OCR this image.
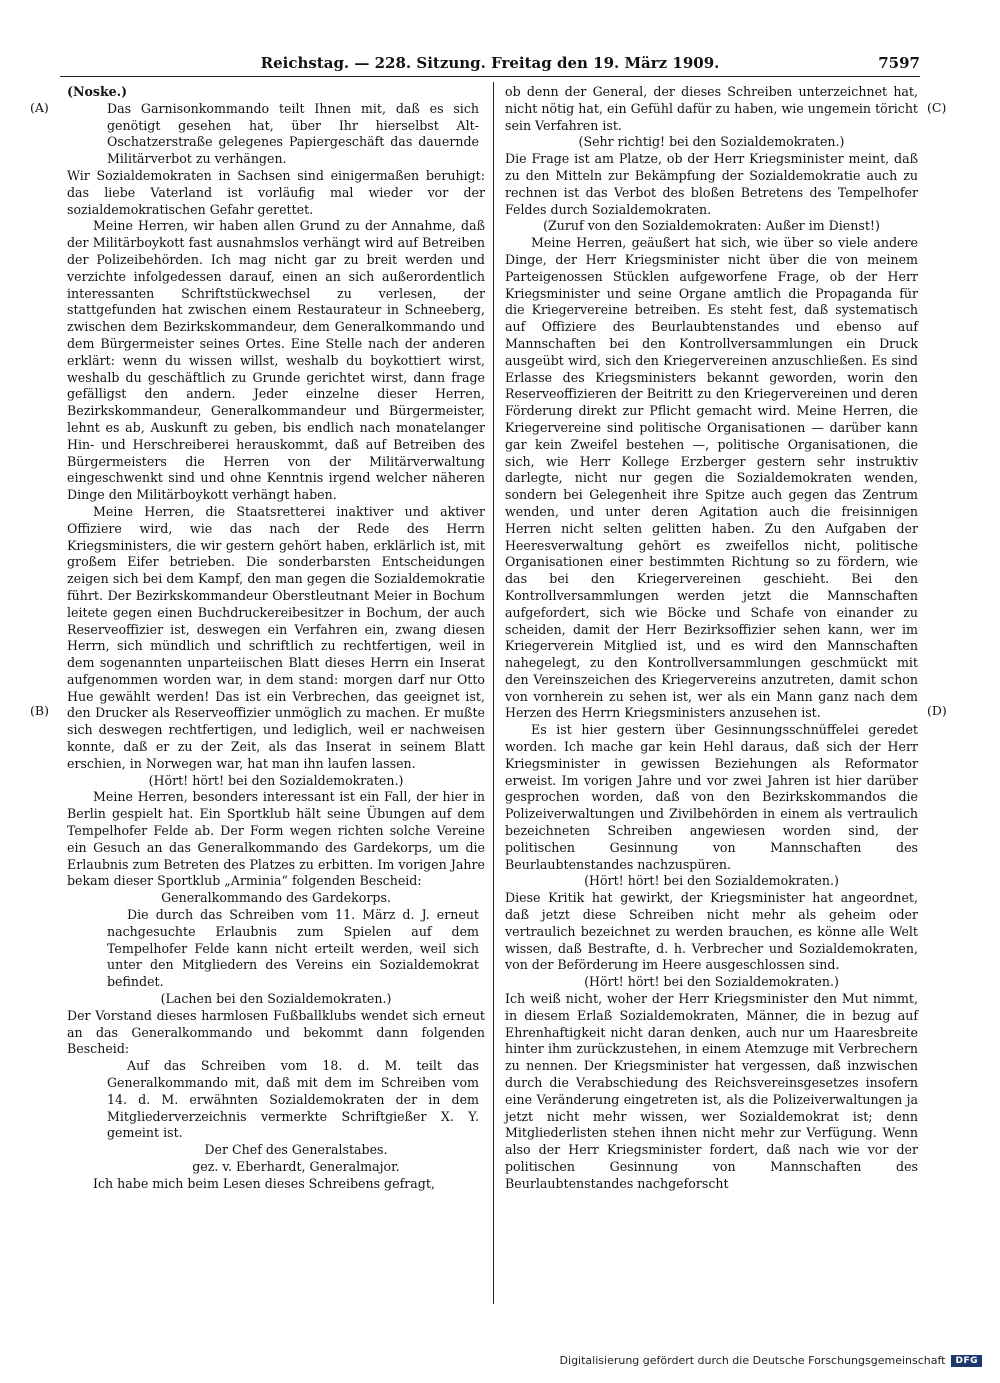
Reichstag. — 228. Sitzung. Freitag den 19. März 1909.	7597
(A)
(B)
(C)
(D)

(Noske.)

Das Garnisonkommando teilt Ihnen mit, daß es sich genötigt gesehen hat, über Ihr hierselbst Alt-Oschatzerstraße gelegenes Papiergeschäft das dauernde Militärverbot zu verhängen.

Wir Sozialdemokraten in Sachsen sind einigermaßen beruhigt: das liebe Vaterland ist vorläufig mal wieder vor der sozialdemokratischen Gefahr gerettet.

Meine Herren, wir haben allen Grund zu der Annahme, daß der Militärboykott fast ausnahmslos verhängt wird auf Betreiben der Polizeibehörden. Ich mag nicht gar zu breit werden und verzichte infolgedessen darauf, einen an sich außerordentlich interessanten Schriftstückwechsel zu verlesen, der stattgefunden hat zwischen einem Restaurateur in Schneeberg, zwischen dem Bezirkskommandeur, dem Generalkommando und dem Bürgermeister seines Ortes. Eine Stelle nach der anderen erklärt: wenn du wissen willst, weshalb du boykottiert wirst, weshalb du geschäftlich zu Grunde gerichtet wirst, dann frage gefälligst den andern. Jeder einzelne dieser Herren, Bezirkskommandeur, Generalkommandeur und Bürgermeister, lehnt es ab, Auskunft zu geben, bis endlich nach monatelanger Hin- und Herschreiberei herauskommt, daß auf Betreiben des Bürgermeisters die Herren von der Militärverwaltung eingeschwenkt sind und ohne Kenntnis irgend welcher näheren Dinge den Militärboykott verhängt haben.

Meine Herren, die Staatsretterei inaktiver und aktiver Offiziere wird, wie das nach der Rede des Herrn Kriegsministers, die wir gestern gehört haben, erklärlich ist, mit großem Eifer betrieben. Die sonderbarsten Entscheidungen zeigen sich bei dem Kampf, den man gegen die Sozialdemokratie führt. Der Bezirkskommandeur Oberstleutnant Meier in Bochum leitete gegen einen Buchdruckereibesitzer in Bochum, der auch Reserveoffizier ist, deswegen ein Verfahren ein, zwang diesen Herrn, sich mündlich und schriftlich zu rechtfertigen, weil in dem sogenannten unparteiischen Blatt dieses Herrn ein Inserat aufgenommen worden war, in dem stand: morgen darf nur Otto Hue gewählt werden! Das ist ein Verbrechen, das geeignet ist, den Drucker als Reserveoffizier unmöglich zu machen. Er mußte sich deswegen rechtfertigen, und lediglich, weil er nachweisen konnte, daß er zu der Zeit, als das Inserat in seinem Blatt erschien, in Norwegen war, hat man ihn laufen lassen.

(Hört! hört! bei den Sozialdemokraten.)

Meine Herren, besonders interessant ist ein Fall, der hier in Berlin gespielt hat. Ein Sportklub hält seine Übungen auf dem Tempelhofer Felde ab. Der Form wegen richten solche Vereine ein Gesuch an das Generalkommando des Gardekorps, um die Erlaubnis zum Betreten des Platzes zu erbitten. Im vorigen Jahre bekam dieser Sportklub „Arminia“ folgenden Bescheid:

Generalkommando des Gardekorps.

Die durch das Schreiben vom 11. März d. J. erneut nachgesuchte Erlaubnis zum Spielen auf dem Tempelhofer Felde kann nicht erteilt werden, weil sich unter den Mitgliedern des Vereins ein Sozialdemokrat befindet.

(Lachen bei den Sozialdemokraten.)

Der Vorstand dieses harmlosen Fußballklubs wendet sich erneut an das Generalkommando und bekommt dann folgenden Bescheid:

Auf das Schreiben vom 18. d. M. teilt das Generalkommando mit, daß mit dem im Schreiben vom 14. d. M. erwähnten Sozialdemokraten der in dem Mitgliederverzeichnis vermerkte Schriftgießer X. Y. gemeint ist.

Der Chef des Generalstabes.

gez. v. Eberhardt, Generalmajor.

Ich habe mich beim Lesen dieses Schreibens gefragt,

ob denn der General, der dieses Schreiben unterzeichnet hat, nicht nötig hat, ein Gefühl dafür zu haben, wie ungemein töricht sein Verfahren ist.

(Sehr richtig! bei den Sozialdemokraten.)

Die Frage ist am Platze, ob der Herr Kriegsminister meint, daß zu den Mitteln zur Bekämpfung der Sozialdemokratie auch zu rechnen ist das Verbot des bloßen Betretens des Tempelhofer Feldes durch Sozialdemokraten.

(Zuruf von den Sozialdemokraten: Außer im Dienst!)

Meine Herren, geäußert hat sich, wie über so viele andere Dinge, der Herr Kriegsminister nicht über die von meinem Parteigenossen Stücklen aufgeworfene Frage, ob der Herr Kriegsminister und seine Organe amtlich die Propaganda für die Kriegervereine betreiben. Es steht fest, daß systematisch auf Offiziere des Beurlaubtenstandes und ebenso auf Mannschaften bei den Kontrollversammlungen ein Druck ausgeübt wird, sich den Kriegervereinen anzuschließen. Es sind Erlasse des Kriegsministers bekannt geworden, worin den Reserveoffizieren der Beitritt zu den Kriegervereinen und deren Förderung direkt zur Pflicht gemacht wird. Meine Herren, die Kriegervereine sind politische Organisationen — darüber kann gar kein Zweifel bestehen —, politische Organisationen, die sich, wie Herr Kollege Erzberger gestern sehr instruktiv darlegte, nicht nur gegen die Sozialdemokraten wenden, sondern bei Gelegenheit ihre Spitze auch gegen das Zentrum wenden, und unter deren Agitation auch die freisinnigen Herren nicht selten gelitten haben. Zu den Aufgaben der Heeresverwaltung gehört es zweifellos nicht, politische Organisationen einer bestimmten Richtung so zu fördern, wie das bei den Kriegervereinen geschieht. Bei den Kontrollversammlungen werden jetzt die Mannschaften aufgefordert, sich wie Böcke und Schafe von einander zu scheiden, damit der Herr Bezirksoffizier sehen kann, wer im Kriegerverein Mitglied ist, und es wird den Mannschaften nahegelegt, zu den Kontrollversammlungen geschmückt mit den Vereinszeichen des Kriegervereins anzutreten, damit schon von vornherein zu sehen ist, wer als ein Mann ganz nach dem Herzen des Herrn Kriegsministers anzusehen ist.

Es ist hier gestern über Gesinnungsschnüffelei geredet worden. Ich mache gar kein Hehl daraus, daß sich der Herr Kriegsminister in gewissen Beziehungen als Reformator erweist. Im vorigen Jahre und vor zwei Jahren ist hier darüber gesprochen worden, daß von den Bezirkskommandos die Polizeiverwaltungen und Zivilbehörden in einem als vertraulich bezeichneten Schreiben angewiesen worden sind, der politischen Gesinnung von Mannschaften des Beurlaubtenstandes nachzuspüren.

(Hört! hört! bei den Sozialdemokraten.)

Diese Kritik hat gewirkt, der Kriegsminister hat angeordnet, daß jetzt diese Schreiben nicht mehr als geheim oder vertraulich bezeichnet zu werden brauchen, es könne alle Welt wissen, daß Bestrafte, d. h. Verbrecher und Sozialdemokraten, von der Beförderung im Heere ausgeschlossen sind.

(Hört! hört! bei den Sozialdemokraten.)

Ich weiß nicht, woher der Herr Kriegsminister den Mut nimmt, in diesem Erlaß Sozialdemokraten, Männer, die in bezug auf Ehrenhaftigkeit nicht daran denken, auch nur um Haaresbreite hinter ihm zurückzustehen, in einem Atemzuge mit Verbrechern zu nennen. Der Kriegsminister hat vergessen, daß inzwischen durch die Verabschiedung des Reichsvereinsgesetzes insofern eine Veränderung eingetreten ist, als die Polizeiverwaltungen ja jetzt nicht mehr wissen, wer Sozialdemokrat ist; denn Mitgliederlisten stehen ihnen nicht mehr zur Verfügung. Wenn also der Herr Kriegsminister fordert, daß nach wie vor der politischen Gesinnung von Mannschaften des Beurlaubtenstandes nachgeforscht

Digitalisierung gefördert durch die Deutsche Forschungsgemeinschaft	DFG
